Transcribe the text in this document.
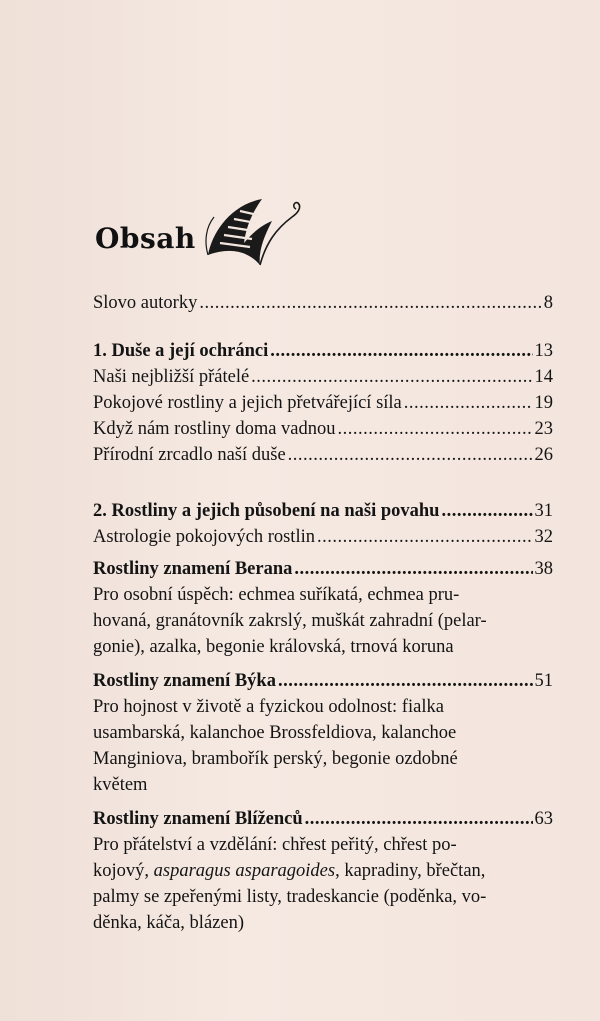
Obsah
Slovo autorky .....	8
1. Duše a její ochránci .....	13
Naši nejbližší přátelé .....	14
Pokojové rostliny a jejich přetvářející síla .....	19
Když nám rostliny doma vadnou .....	23
Přírodní zrcadlo naší duše .....	26
2. Rostliny a jejich působení na naši povahu .....	31
Astrologie pokojových rostlin .....	32
Rostliny znamení Berana .....	38
Pro osobní úspěch: echmea suříkatá, echmea pru-
hovaná, granátovník zakrslý, muškát zahradní (pelar-
gonie), azalka, begonie královská, trnová koruna
Rostliny znamení Býka .....	51
Pro hojnost v životě a fyzickou odolnost: fialka
usambarská, kalanchoe Brossfeldiova, kalanchoe
Manginiova, brambořík perský, begonie ozdobné
květem
Rostliny znamení Blíženců .....	63
Pro přátelství a vzdělání: chřest peřitý, chřest po-
kojový, asparagus asparagoides, kapradiny, břečtan,
palmy se zpeřenými listy, tradeskancie (poděnka, vo-
děnka, káča, blázen)
